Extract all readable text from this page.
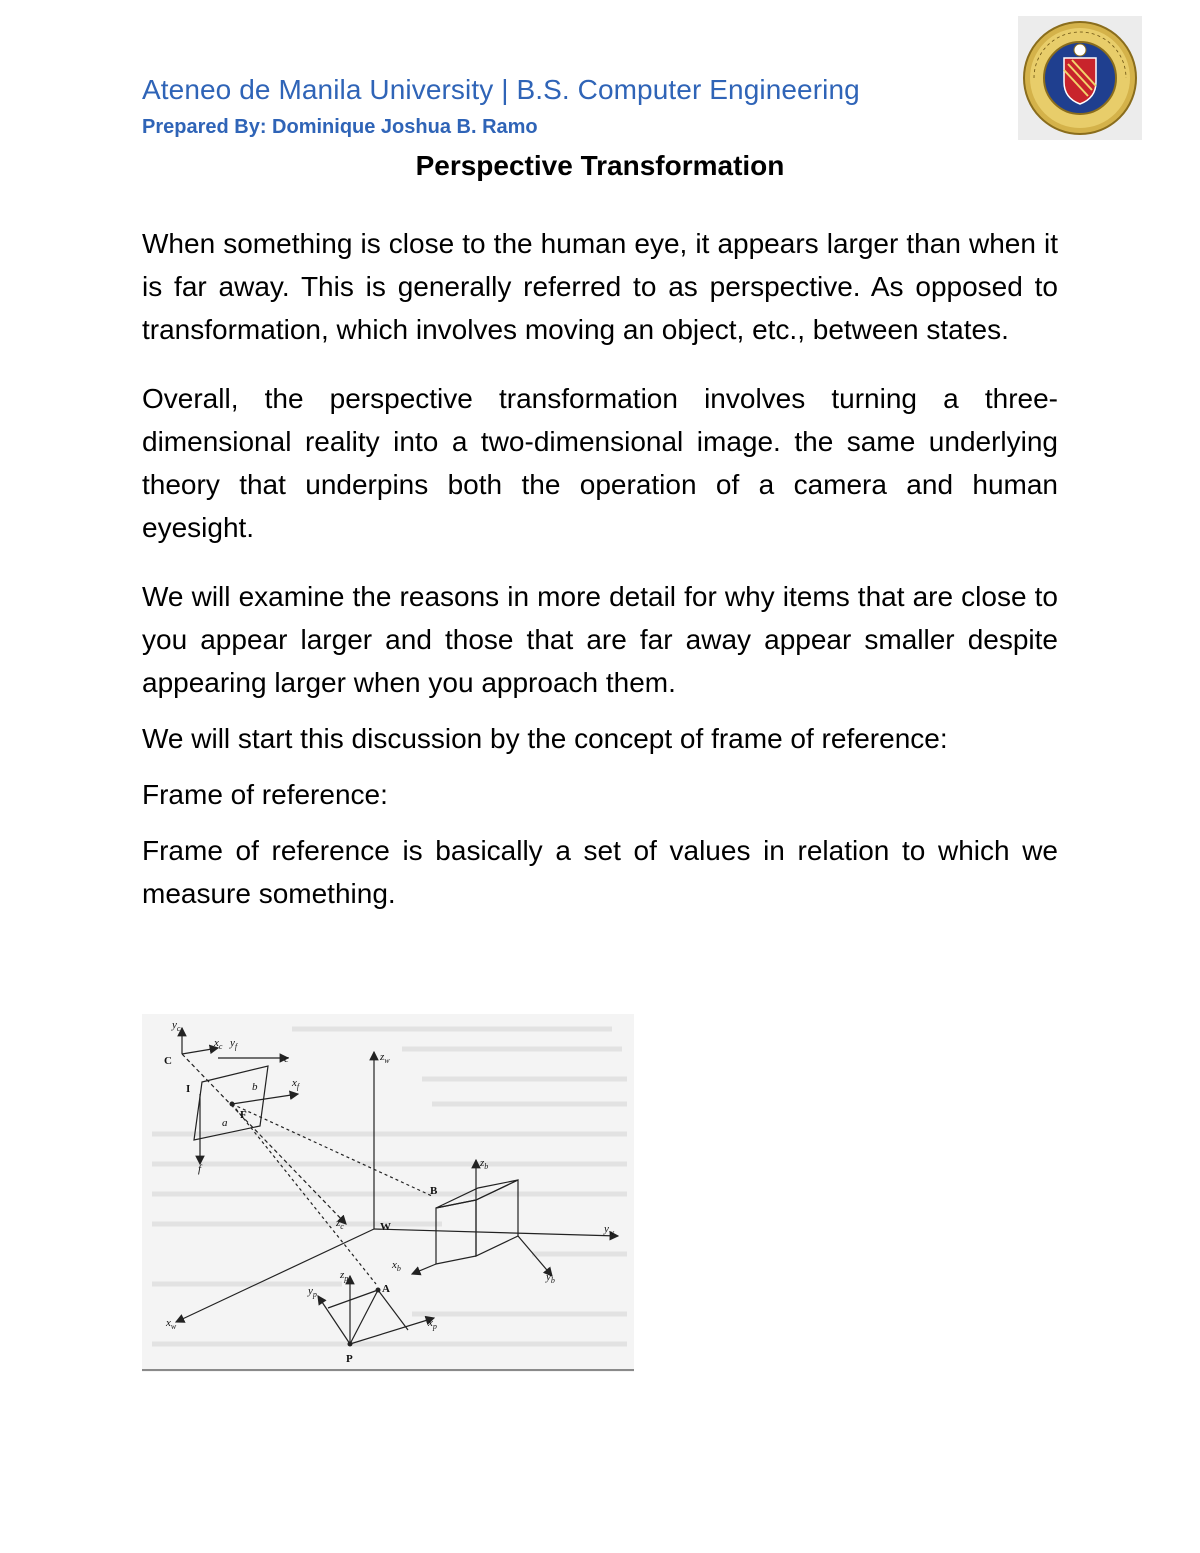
Ateneo de Manila University | B.S. Computer Engineering
Prepared By: Dominique Joshua B. Ramo
Perspective Transformation

When something is close to the human eye, it appears larger than when it is far away. This is generally referred to as perspective. As opposed to transformation, which involves moving an object, etc., between states.

Overall, the perspective transformation involves turning a three-dimensional reality into a two-dimensional image. the same underlying theory that underpins both the operation of a camera and human eyesight.

We will examine the reasons in more detail for why items that are close to you appear larger and those that are far away appear smaller despite appearing larger when you approach them.

We will start this discussion by the concept of frame of reference:

Frame of reference:

Frame of reference is basically a set of values in relation to which we measure something.

C
I
F
B
W
A
P
a
b
c
f
$y_c$
$x_c$ $y_f$
$x_f$
$z_c$
$z_w$
$y_w$
$x_w$
$z_b$
$x_b$
$y_b$
$z_p$
$y_p$
$x_p$
